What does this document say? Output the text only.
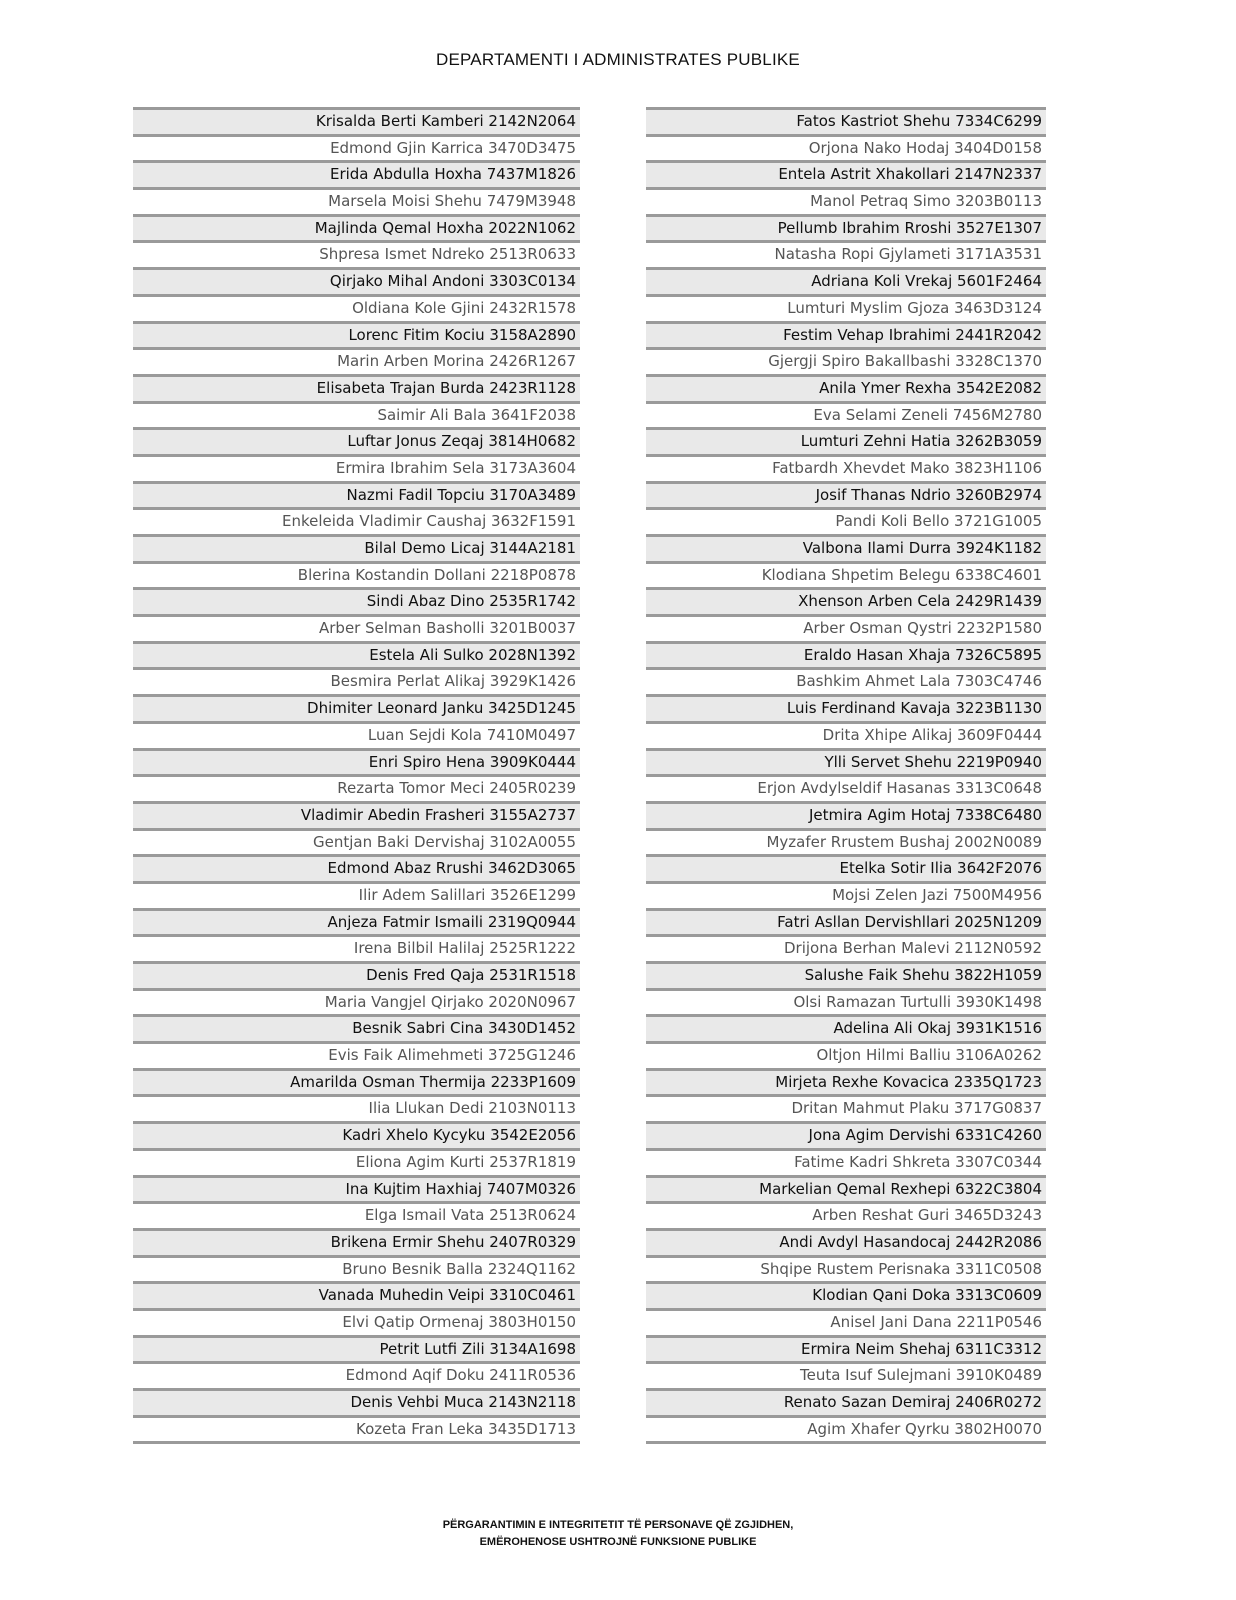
DEPARTAMENTI I ADMINISTRATES PUBLIKE
Krisalda Berti Kamberi 2142N2064
Edmond Gjin Karrica 3470D3475
Erida Abdulla Hoxha 7437M1826
Marsela Moisi Shehu 7479M3948
Majlinda Qemal Hoxha 2022N1062
Shpresa Ismet Ndreko 2513R0633
Qirjako Mihal Andoni 3303C0134
Oldiana Kole Gjini 2432R1578
Lorenc Fitim Kociu 3158A2890
Marin Arben Morina 2426R1267
Elisabeta Trajan Burda 2423R1128
Saimir Ali Bala 3641F2038
Luftar Jonus Zeqaj 3814H0682
Ermira Ibrahim Sela 3173A3604
Nazmi Fadil Topciu 3170A3489
Enkeleida Vladimir Caushaj 3632F1591
Bilal Demo Licaj 3144A2181
Blerina Kostandin Dollani 2218P0878
Sindi Abaz Dino 2535R1742
Arber Selman Basholli 3201B0037
Estela Ali Sulko 2028N1392
Besmira Perlat Alikaj 3929K1426
Dhimiter Leonard Janku 3425D1245
Luan Sejdi Kola 7410M0497
Enri Spiro Hena 3909K0444
Rezarta Tomor Meci 2405R0239
Vladimir Abedin Frasheri 3155A2737
Gentjan Baki Dervishaj 3102A0055
Edmond Abaz Rrushi 3462D3065
Ilir Adem Salillari 3526E1299
Anjeza Fatmir Ismaili 2319Q0944
Irena Bilbil Halilaj 2525R1222
Denis Fred Qaja 2531R1518
Maria Vangjel Qirjako 2020N0967
Besnik Sabri Cina 3430D1452
Evis Faik Alimehmeti 3725G1246
Amarilda Osman Thermija 2233P1609
Ilia Llukan Dedi 2103N0113
Kadri Xhelo Kycyku 3542E2056
Eliona Agim Kurti 2537R1819
Ina Kujtim Haxhiaj 7407M0326
Elga Ismail Vata 2513R0624
Brikena Ermir Shehu 2407R0329
Bruno Besnik Balla 2324Q1162
Vanada Muhedin Veipi 3310C0461
Elvi Qatip Ormenaj 3803H0150
Petrit Lutfi Zili 3134A1698
Edmond Aqif Doku 2411R0536
Denis Vehbi Muca 2143N2118
Kozeta Fran Leka 3435D1713
Fatos Kastriot Shehu 7334C6299
Orjona Nako Hodaj 3404D0158
Entela Astrit Xhakollari 2147N2337
Manol Petraq Simo 3203B0113
Pellumb Ibrahim Rroshi 3527E1307
Natasha Ropi Gjylameti 3171A3531
Adriana Koli Vrekaj 5601F2464
Lumturi Myslim Gjoza 3463D3124
Festim Vehap Ibrahimi 2441R2042
Gjergji Spiro Bakallbashi 3328C1370
Anila Ymer Rexha 3542E2082
Eva Selami Zeneli 7456M2780
Lumturi Zehni Hatia 3262B3059
Fatbardh Xhevdet Mako 3823H1106
Josif Thanas Ndrio 3260B2974
Pandi Koli Bello 3721G1005
Valbona Ilami Durra 3924K1182
Klodiana Shpetim Belegu 6338C4601
Xhenson Arben Cela 2429R1439
Arber Osman Qystri 2232P1580
Eraldo Hasan Xhaja 7326C5895
Bashkim Ahmet Lala 7303C4746
Luis Ferdinand Kavaja 3223B1130
Drita Xhipe Alikaj 3609F0444
Ylli Servet Shehu 2219P0940
Erjon Avdylseldif Hasanas 3313C0648
Jetmira Agim Hotaj 7338C6480
Myzafer Rrustem Bushaj 2002N0089
Etelka Sotir Ilia 3642F2076
Mojsi Zelen Jazi 7500M4956
Fatri Asllan Dervishllari 2025N1209
Drijona Berhan Malevi 2112N0592
Salushe Faik Shehu 3822H1059
Olsi Ramazan Turtulli 3930K1498
Adelina Ali Okaj 3931K1516
Oltjon Hilmi Balliu 3106A0262
Mirjeta Rexhe Kovacica 2335Q1723
Dritan Mahmut Plaku 3717G0837
Jona Agim Dervishi 6331C4260
Fatime Kadri Shkreta 3307C0344
Markelian Qemal Rexhepi 6322C3804
Arben Reshat Guri 3465D3243
Andi Avdyl Hasandocaj 2442R2086
Shqipe Rustem Perisnaka 3311C0508
Klodian Qani Doka 3313C0609
Anisel Jani Dana 2211P0546
Ermira Neim Shehaj 6311C3312
Teuta Isuf Sulejmani 3910K0489
Renato Sazan Demiraj 2406R0272
Agim Xhafer Qyrku 3802H0070
PËRGARANTIMIN E INTEGRITETIT TË PERSONAVE QË ZGJIDHEN,
EMËROHENOSE USHTROJNË FUNKSIONE PUBLIKE
